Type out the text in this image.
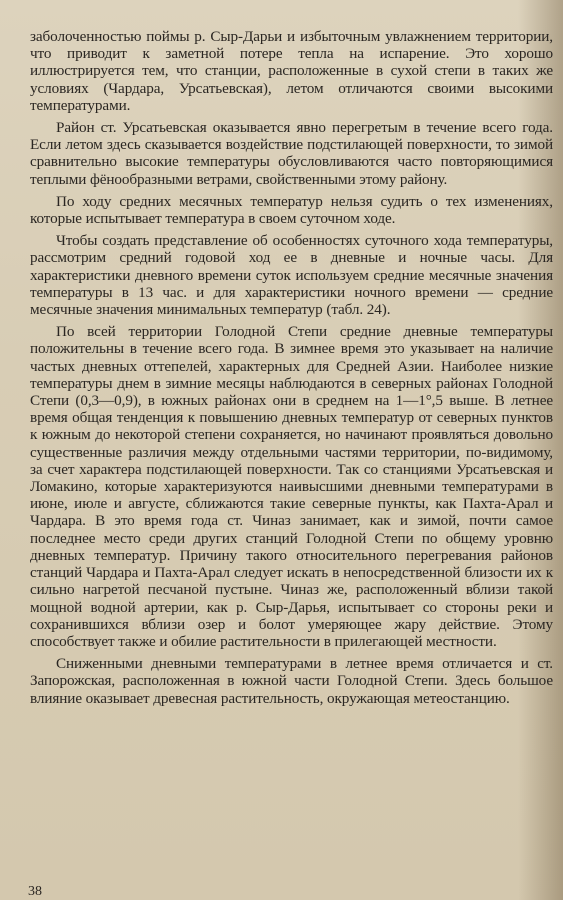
заболоченностью поймы р. Сыр-Дарьи и избыточным увлажнением территории, что приводит к заметной потере тепла на испарение. Это хорошо иллюстрируется тем, что станции, расположенные в сухой степи в таких же условиях (Чардара, Урсатьевская), летом отличаются своими высокими температурами.

Район ст. Урсатьевская оказывается явно перегретым в течение всего года. Если летом здесь сказывается воздействие подстилающей поверхности, то зимой сравнительно высокие температуры обусловливаются часто повторяющимися теплыми фёнообразными ветрами, свойственными этому району.

По ходу средних месячных температур нельзя судить о тех изменениях, которые испытывает температура в своем суточном ходе.

Чтобы создать представление об особенностях суточного хода температуры, рассмотрим средний годовой ход ее в дневные и ночные часы. Для характеристики дневного времени суток используем средние месячные значения температуры в 13 час. и для характеристики ночного времени — средние месячные значения минимальных температур (табл. 24).

По всей территории Голодной Степи средние дневные температуры положительны в течение всего года. В зимнее время это указывает на наличие частых дневных оттепелей, характерных для Средней Азии. Наиболее низкие температуры днем в зимние месяцы наблюдаются в северных районах Голодной Степи (0,3—0,9), в южных районах они в среднем на 1—1°,5 выше. В летнее время общая тенденция к повышению дневных температур от северных пунктов к южным до некоторой степени сохраняется, но начинают проявляться довольно существенные различия между отдельными частями территории, по-видимому, за счет характера подстилающей поверхности. Так со станциями Урсатьевская и Ломакино, которые характеризуются наивысшими дневными температурами в июне, июле и августе, сближаются такие северные пункты, как Пахта-Арал и Чардара. В это время года ст. Чиназ занимает, как и зимой, почти самое последнее место среди других станций Голодной Степи по общему уровню дневных температур. Причину такого относительного перегревания районов станций Чардара и Пахта-Арал следует искать в непосредственной близости их к сильно нагретой песчаной пустыне. Чиназ же, расположенный вблизи такой мощной водной артерии, как р. Сыр-Дарья, испытывает со стороны реки и сохранившихся вблизи озер и болот умеряющее жару действие. Этому способствует также и обилие растительности в прилегающей местности.

Сниженными дневными температурами в летнее время отличается и ст. Запорожская, расположенная в южной части Голодной Степи. Здесь большое влияние оказывает древесная растительность, окружающая метеостанцию.

38
